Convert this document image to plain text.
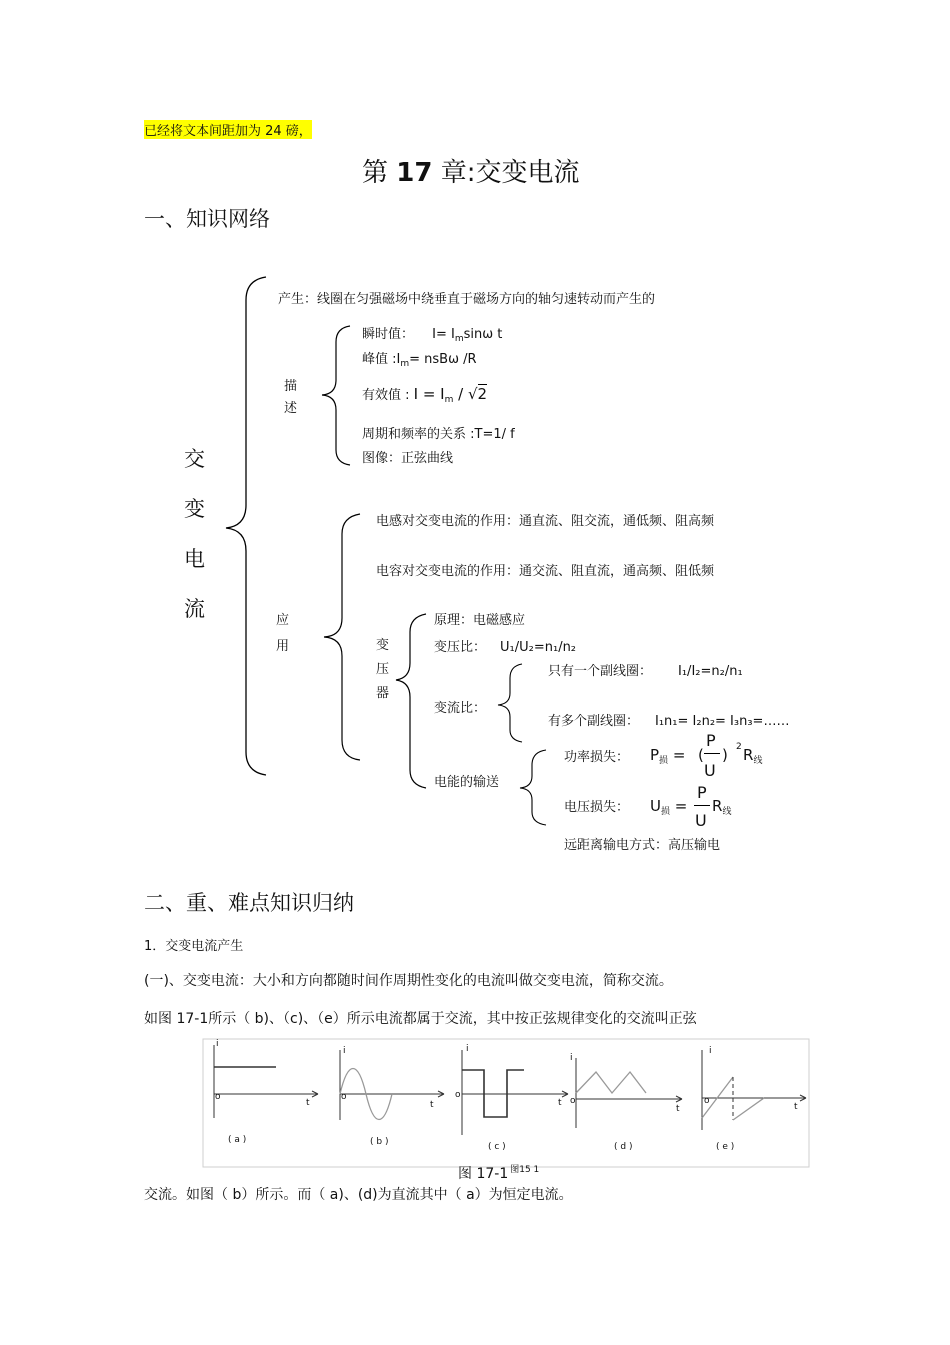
已经将文本间距加为 24 磅，
第 17 章:交变电流
一、知识网络
交
变
电
流
产生：线圈在匀强磁场中绕垂直于磁场方向的轴匀速转动而产生的
描
述
瞬时值： $I= I_m\sin\omega$ t
峰值 $:I_m= nsB\omega$ /R
有效值 : $I = I_m / √2$
周期和频率的关系 :T=1/ f
图像：正弦曲线
应
用
电感对交变电流的作用：通直流、阻交流，通低频、阻高频
电容对交变电流的作用：通交流、阻直流，通高频、阻低频
变
压
器
原理：电磁感应
变压比： U₁/U₂=n₁/n₂
变流比：
只有一个副线圈： I₁/I₂=n₂/n₁
有多个副线圈： I₁n₁= I₂n₂= I₃n₃=……
电能的输送
功率损失： $P_损$ = (
P
U
) 2 $R_线$
电压损失： $U_损$ =
P
U
$R_线$
远距离输电方式：高压输电
二、重、难点知识归纳
1．交变电流产生
(一)、交变电流：大小和方向都随时间作周期性变化的电流叫做交变电流，简称交流。
如图 17-1所示（ b)、（c)、（e）所示电流都属于交流，其中按正弦规律变化的交流叫正弦
i
o
t
i
o
t
i
o
t
i
o
t
i
o
t
( a )	( b )	( c )	( d )	( e )
图 17-1 $^{图15 1}$
交流。如图（ b）所示。而（ a)、(d)为直流其中（ a）为恒定电流。
